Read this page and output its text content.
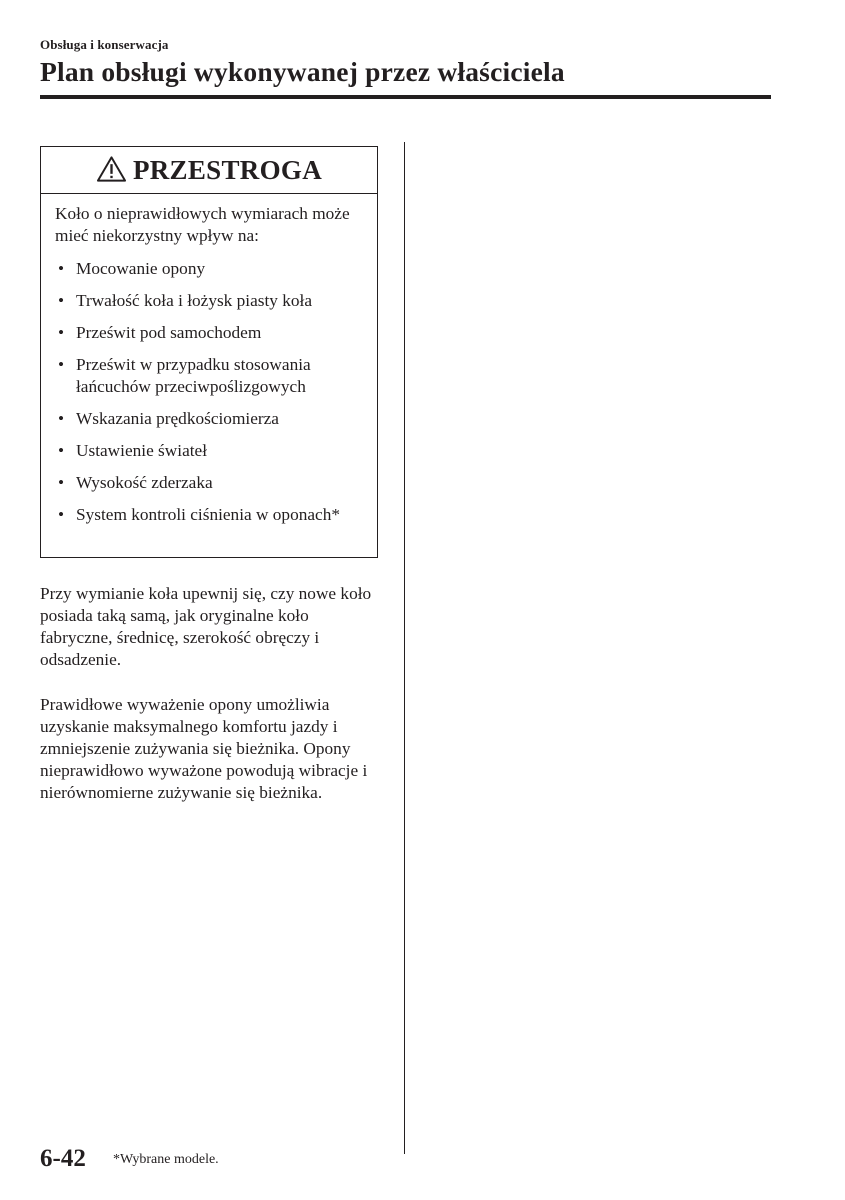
Obsługa i konserwacja
Plan obsługi wykonywanej przez właściciela
PRZESTROGA

Koło o nieprawidłowych wymiarach może mieć niekorzystny wpływ na:

• Mocowanie opony
• Trwałość koła i łożysk piasty koła
• Prześwit pod samochodem
• Prześwit w przypadku stosowania łańcuchów przeciwpoślizgowych
• Wskazania prędkościomierza
• Ustawienie świateł
• Wysokość zderzaka
• System kontroli ciśnienia w oponach*

Przy wymianie koła upewnij się, czy nowe koło posiada taką samą, jak oryginalne koło fabryczne, średnicę, szerokość obręczy i odsadzenie.

Prawidłowe wyważenie opony umożliwia uzyskanie maksymalnego komfortu jazdy i zmniejszenie zużywania się bieżnika. Opony nieprawidłowo wyważone powodują wibracje i nierównomierne zużywanie się bieżnika.

6-42 *Wybrane modele.
